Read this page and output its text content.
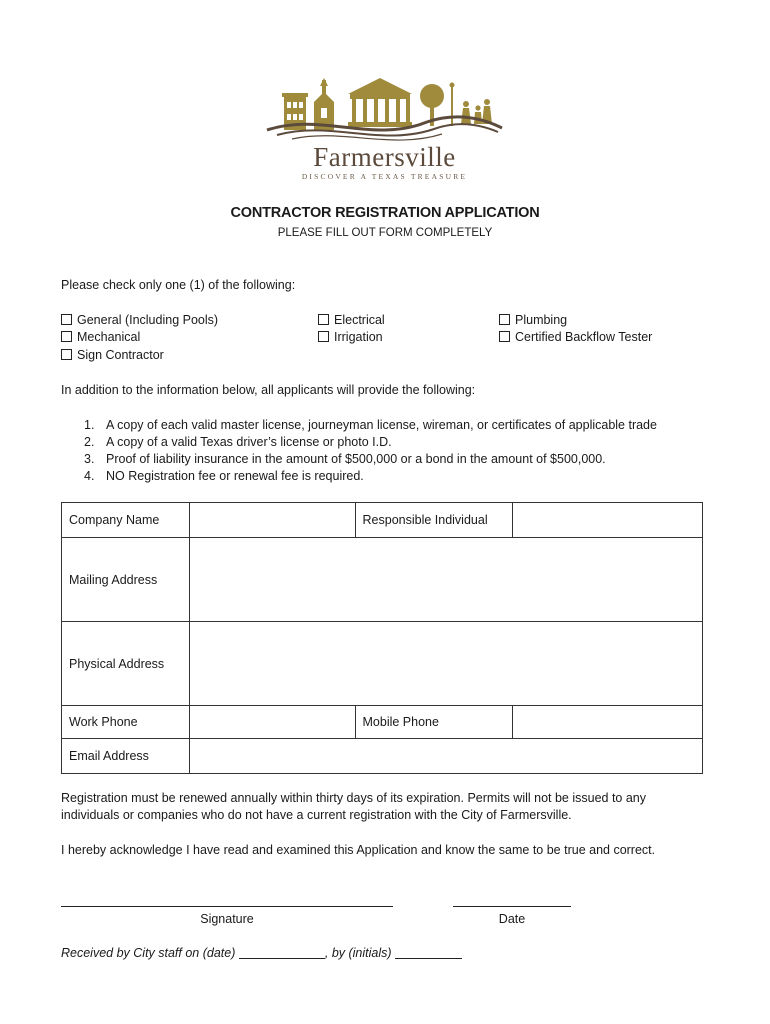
Farmersville
DISCOVER A TEXAS TREASURE
CONTRACTOR REGISTRATION APPLICATION
PLEASE FILL OUT FORM COMPLETELY
Please check only one (1) of the following:
General (Including Pools)
Mechanical
Sign Contractor
Electrical
Irrigation
Plumbing
Certified Backflow Tester
In addition to the information below, all applicants will provide the following:
1. A copy of each valid master license, journeyman license, wireman, or certificates of applicable trade
2. A copy of a valid Texas driver’s license or photo I.D.
3. Proof of liability insurance in the amount of $500,000 or a bond in the amount of $500,000.
4. NO Registration fee or renewal fee is required.
Company Name		Responsible Individual	
Mailing Address			
Physical Address			
Work Phone		Mobile Phone	
Email Address			
Registration must be renewed annually within thirty days of its expiration. Permits will not be issued to any
individuals or companies who do not have a current registration with the City of Farmersville.
I hereby acknowledge I have read and examined this Application and know the same to be true and correct.
Signature	Date
Received by City staff on (date)	, by (initials)
